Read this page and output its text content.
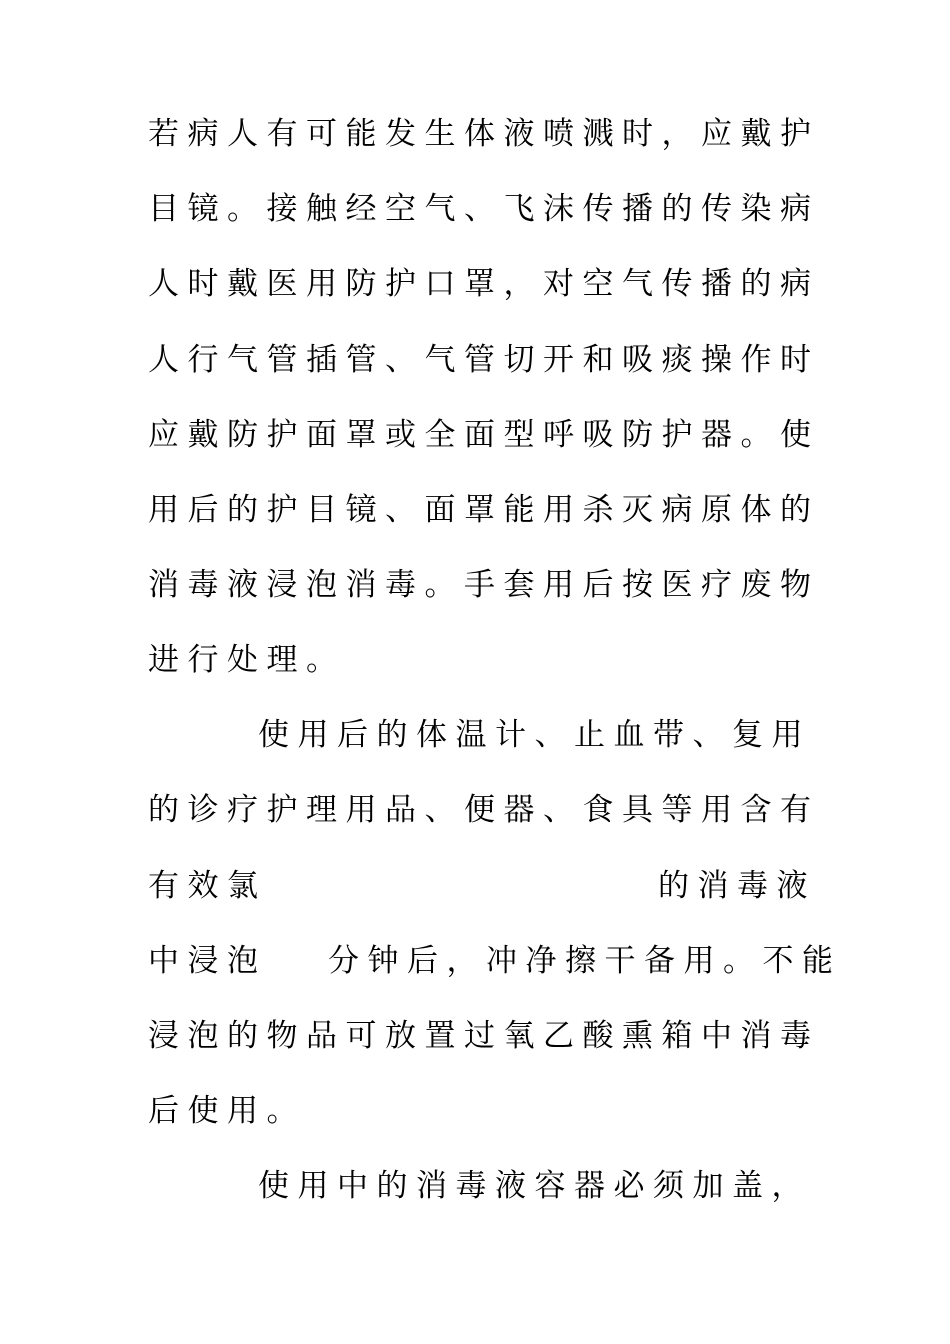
若病人有可能发生体液喷溅时，应戴护
目镜。接触经空气、飞沫传播的传染病
人时戴医用防护口罩，对空气传播的病
人行气管插管、气管切开和吸痰操作时
应戴防护面罩或全面型呼吸防护器。使
用后的护目镜、面罩能用杀灭病原体的
消毒液浸泡消毒。手套用后按医疗废物
进行处理。
使用后的体温计、止血带、复用
的诊疗护理用品、便器、食具等用含有
有效氯	的消毒液
中浸泡 分钟后，冲净擦干备用。不能
浸泡的物品可放置过氧乙酸熏箱中消毒
后使用。
使用中的消毒液容器必须加盖，
